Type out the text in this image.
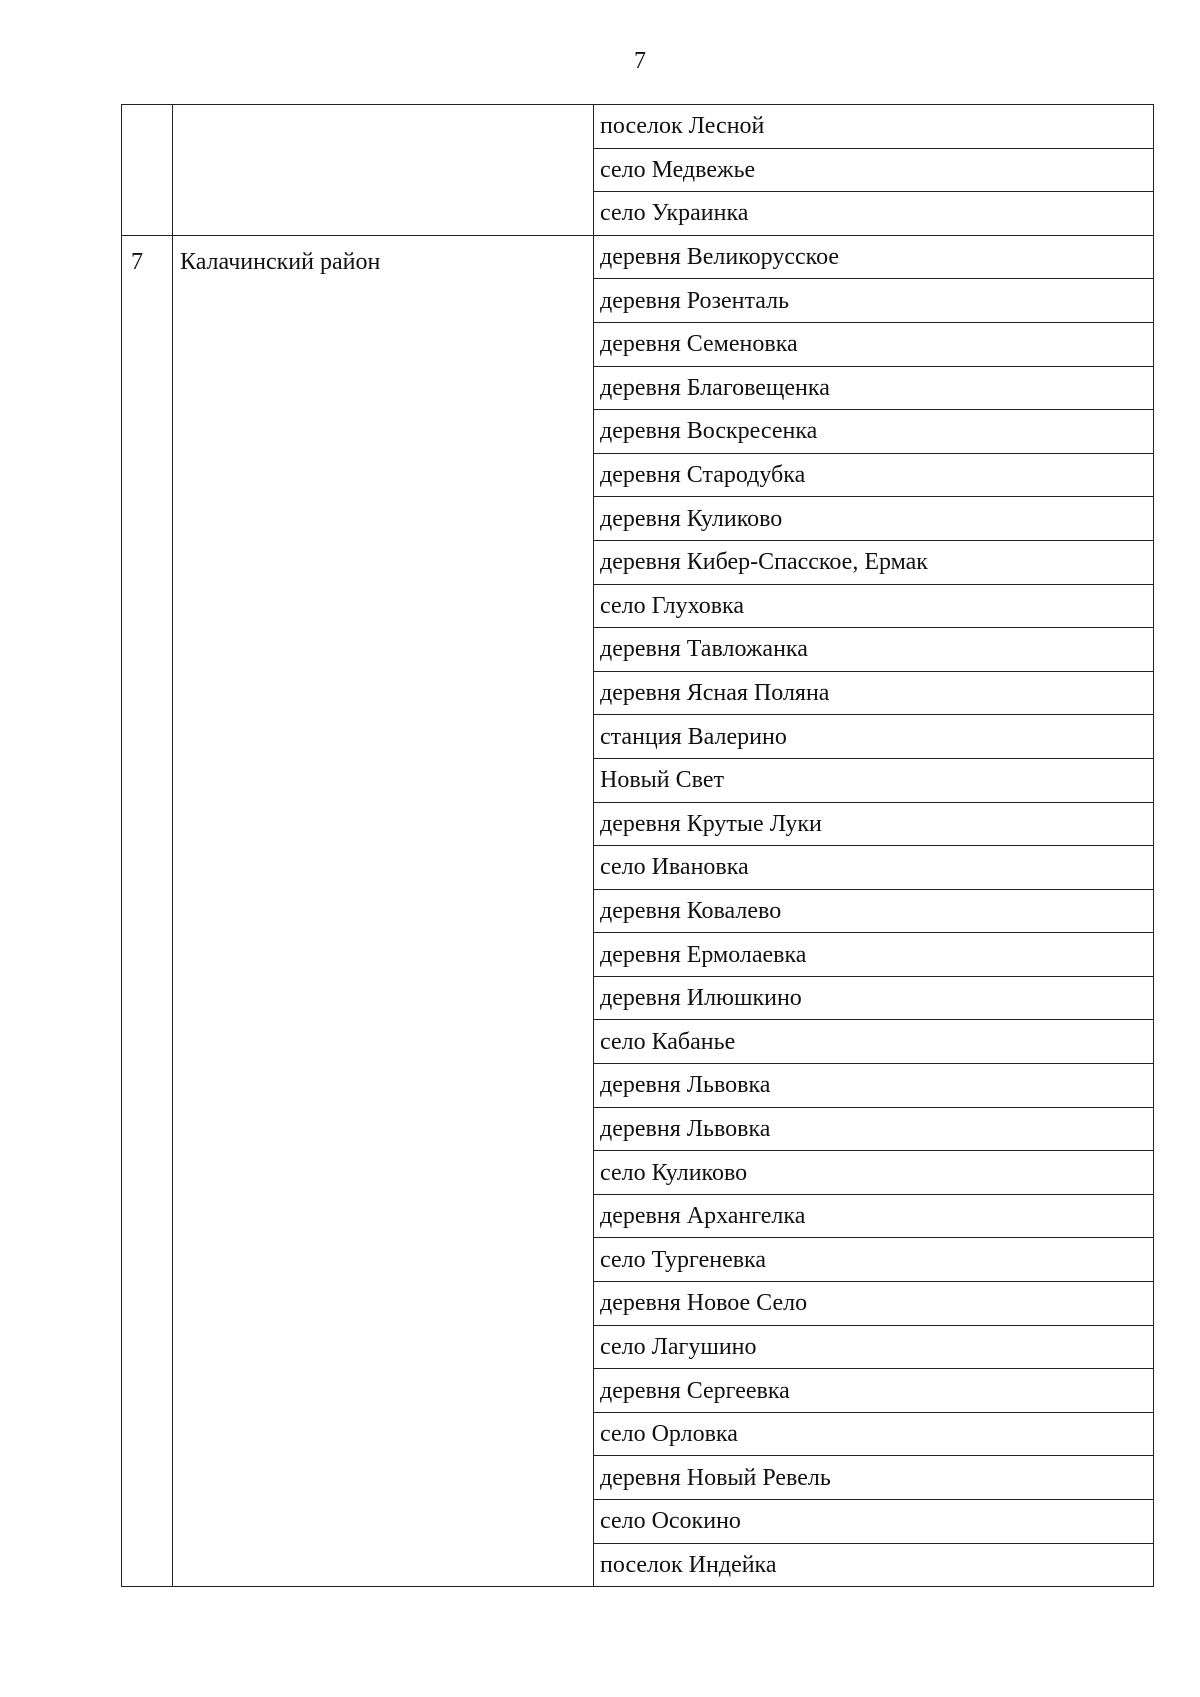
7
		поселок Лесной
		село Медвежье
		село Украинка
7	Калачинский район	деревня Великорусское
		деревня Розенталь
		деревня Семеновка
		деревня Благовещенка
		деревня Воскресенка
		деревня Стародубка
		деревня Куликово
		деревня Кибер-Спасское, Ермак
		село Глуховка
		деревня Тавложанка
		деревня Ясная Поляна
		станция Валерино
		Новый Свет
		деревня Крутые Луки
		село Ивановка
		деревня Ковалево
		деревня Ермолаевка
		деревня Илюшкино
		село Кабанье
		деревня Львовка
		деревня Львовка
		село Куликово
		деревня Архангелка
		село Тургеневка
		деревня Новое Село
		село Лагушино
		деревня Сергеевка
		село Орловка
		деревня Новый Ревель
		село Осокино
		поселок Индейка
